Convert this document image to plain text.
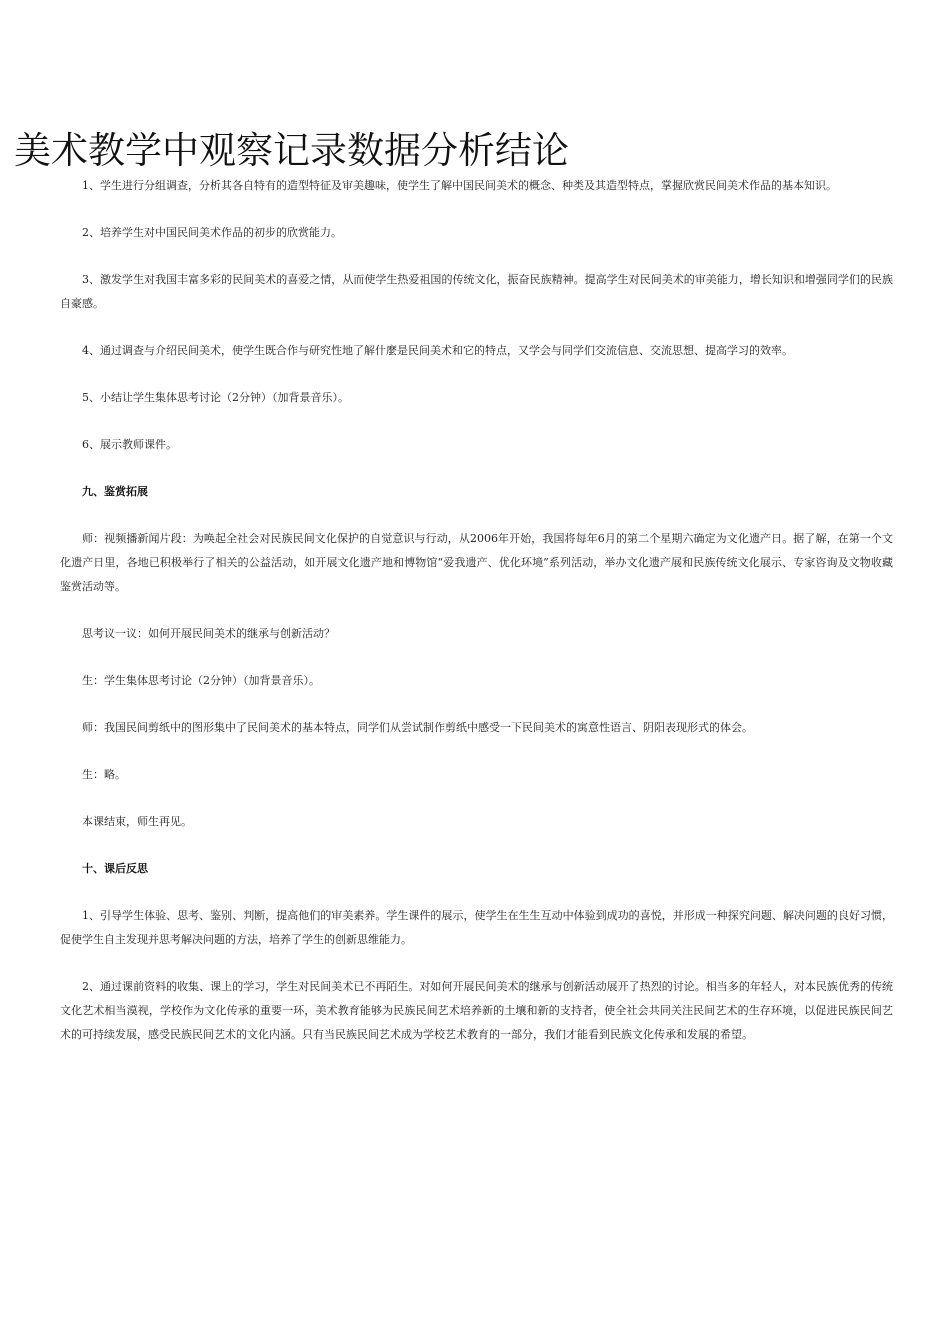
美术教学中观察记录数据分析结论

1、学生进行分组调查，分析其各自特有的造型特征及审美趣味，使学生了解中国民间美术的概念、种类及其造型特点，掌握欣赏民间美术作品的基本知识。

2、培养学生对中国民间美术作品的初步的欣赏能力。

3、激发学生对我国丰富多彩的民间美术的喜爱之情，从而使学生热爱祖国的传统文化，振奋民族精神。提高学生对民间美术的审美能力，增长知识和增强同学们的民族自豪感。

4、通过调查与介绍民间美术，使学生既合作与研究性地了解什麼是民间美术和它的特点，又学会与同学们交流信息、交流思想、提高学习的效率。

5、小结让学生集体思考讨论（2分钟）（加背景音乐）。

6、展示教师课件。

九、鉴赏拓展

师：视频播新闻片段：为唤起全社会对民族民间文化保护的自觉意识与行动，从2006年开始，我国将每年6月的第二个星期六确定为文化遗产日。据了解，在第一个文化遗产日里，各地已积极举行了相关的公益活动，如开展文化遗产地和博物馆“爱我遗产、优化环境”系列活动，举办文化遗产展和民族传统文化展示、专家咨询及文物收藏鉴赏活动等。

思考议一议：如何开展民间美术的继承与创新活动？

生：学生集体思考讨论（2分钟）（加背景音乐）。

师：我国民间剪纸中的图形集中了民间美术的基本特点，同学们从尝试制作剪纸中感受一下民间美术的寓意性语言、阴阳表现形式的体会。

生：略。

本课结束，师生再见。

十、课后反思

1、引导学生体验、思考、鉴别、判断，提高他们的审美素养。学生课件的展示，使学生在生生互动中体验到成功的喜悦，并形成一种探究问题、解决问题的良好习惯，促使学生自主发现并思考解决问题的方法，培养了学生的创新思维能力。

2、通过课前资料的收集、课上的学习，学生对民间美术已不再陌生。对如何开展民间美术的继承与创新活动展开了热烈的讨论。相当多的年轻人，对本民族优秀的传统文化艺术相当漠视，学校作为文化传承的重要一环，美术教育能够为民族民间艺术培养新的土壤和新的支持者，使全社会共同关注民间艺术的生存环境，以促进民族民间艺术的可持续发展，感受民族民间艺术的文化内涵。只有当民族民间艺术成为学校艺术教育的一部分，我们才能看到民族文化传承和发展的希望。
